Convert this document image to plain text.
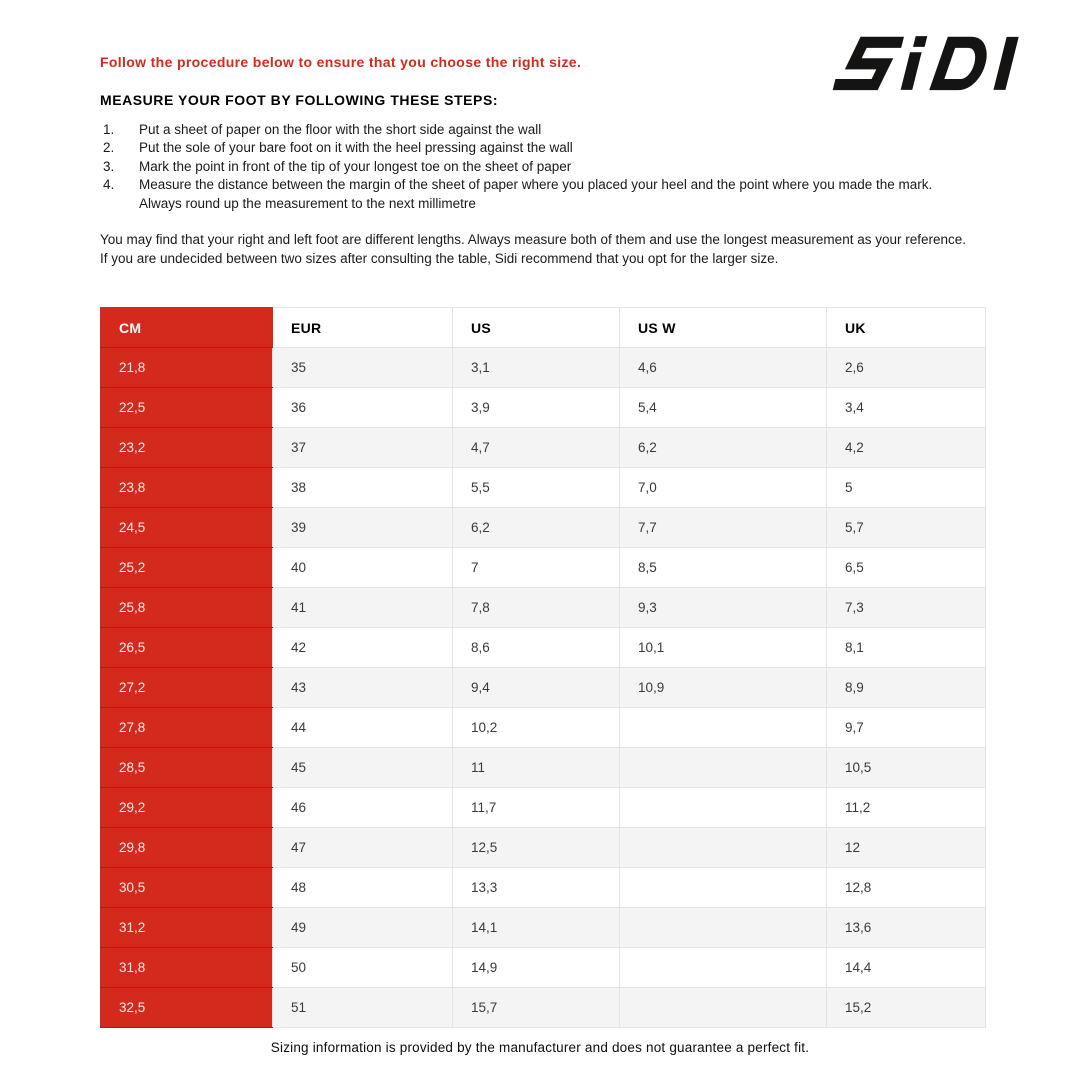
Follow the procedure below to ensure that you choose the right size.
MEASURE YOUR FOOT BY FOLLOWING THESE STEPS:
1.	Put a sheet of paper on the floor with the short side against the wall
2.	Put the sole of your bare foot on it with the heel pressing against the wall
3.	Mark the point in front of the tip of your longest toe on the sheet of paper
4.	Measure the distance between the margin of the sheet of paper where you placed your heel and the point where you made the mark. Always round up the measurement to the next millimetre

You may find that your right and left foot are different lengths. Always measure both of them and use the longest measurement as your reference.

If you are undecided between two sizes after consulting the table, Sidi recommend that you opt for the larger size.

CM	EUR	US	US W	UK
21,8	35	3,1	4,6	2,6
22,5	36	3,9	5,4	3,4
23,2	37	4,7	6,2	4,2
23,8	38	5,5	7,0	5
24,5	39	6,2	7,7	5,7
25,2	40	7	8,5	6,5
25,8	41	7,8	9,3	7,3
26,5	42	8,6	10,1	8,1
27,2	43	9,4	10,9	8,9
27,8	44	10,2		9,7
28,5	45	11		10,5
29,2	46	11,7		11,2
29,8	47	12,5		12
30,5	48	13,3		12,8
31,2	49	14,1		13,6
31,8	50	14,9		14,4
32,5	51	15,7		15,2
Sizing information is provided by the manufacturer and does not guarantee a perfect fit.
